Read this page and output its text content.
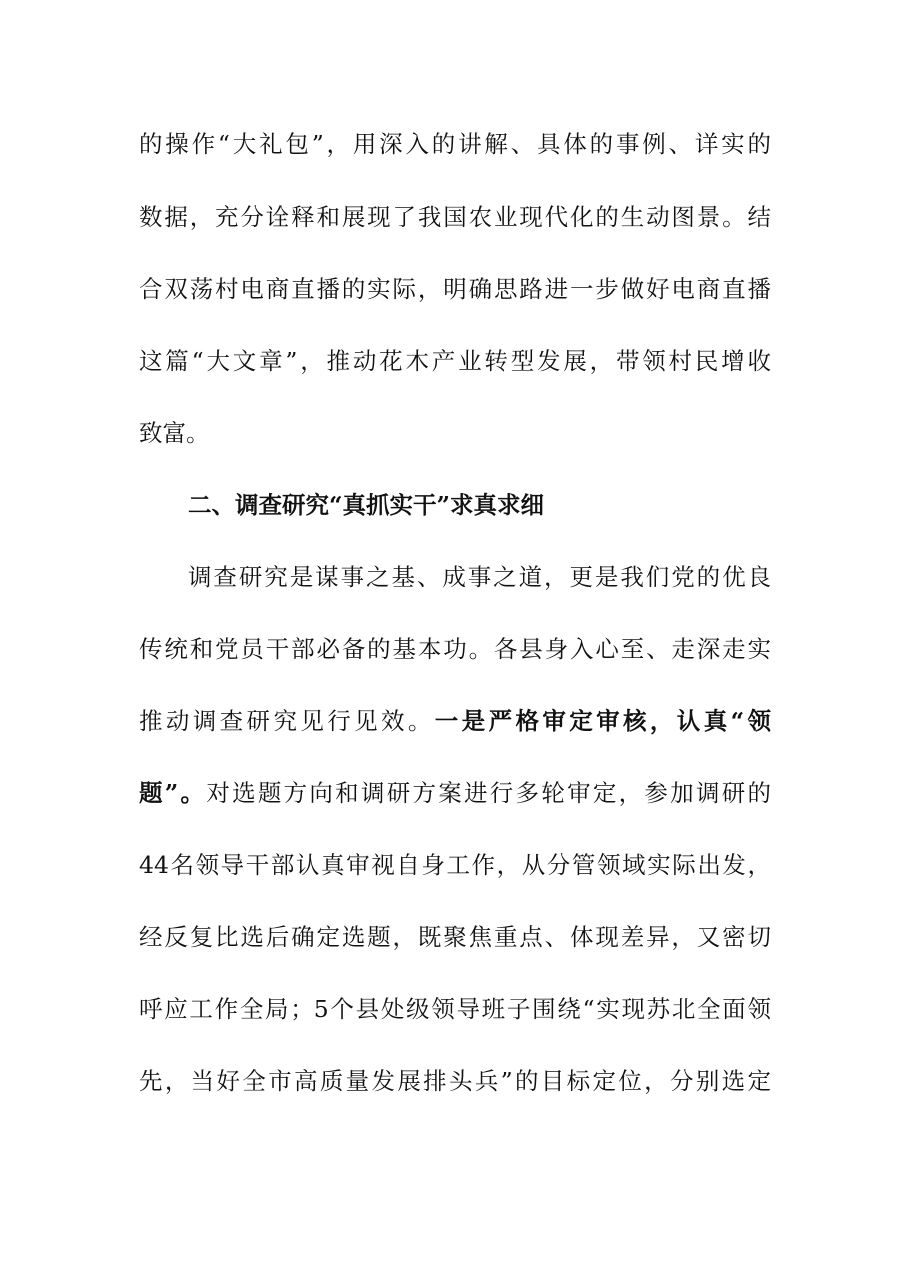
的操作“大礼包”，用深入的讲解、具体的事例、详实的
数据，充分诠释和展现了我国农业现代化的生动图景。结
合双荡村电商直播的实际，明确思路进一步做好电商直播
这篇“大文章”，推动花木产业转型发展，带领村民增收
致富。
二、调查研究“真抓实干”求真求细
调查研究是谋事之基、成事之道，更是我们党的优良
传统和党员干部必备的基本功。各县身入心至、走深走实
推动调查研究见行见效。一是严格审定审核，认真“领
题”。对选题方向和调研方案进行多轮审定，参加调研的
44名领导干部认真审视自身工作，从分管领域实际出发，
经反复比选后确定选题，既聚焦重点、体现差异，又密切
呼应工作全局；5个县处级领导班子围绕“实现苏北全面领
先，当好全市高质量发展排头兵”的目标定位，分别选定
